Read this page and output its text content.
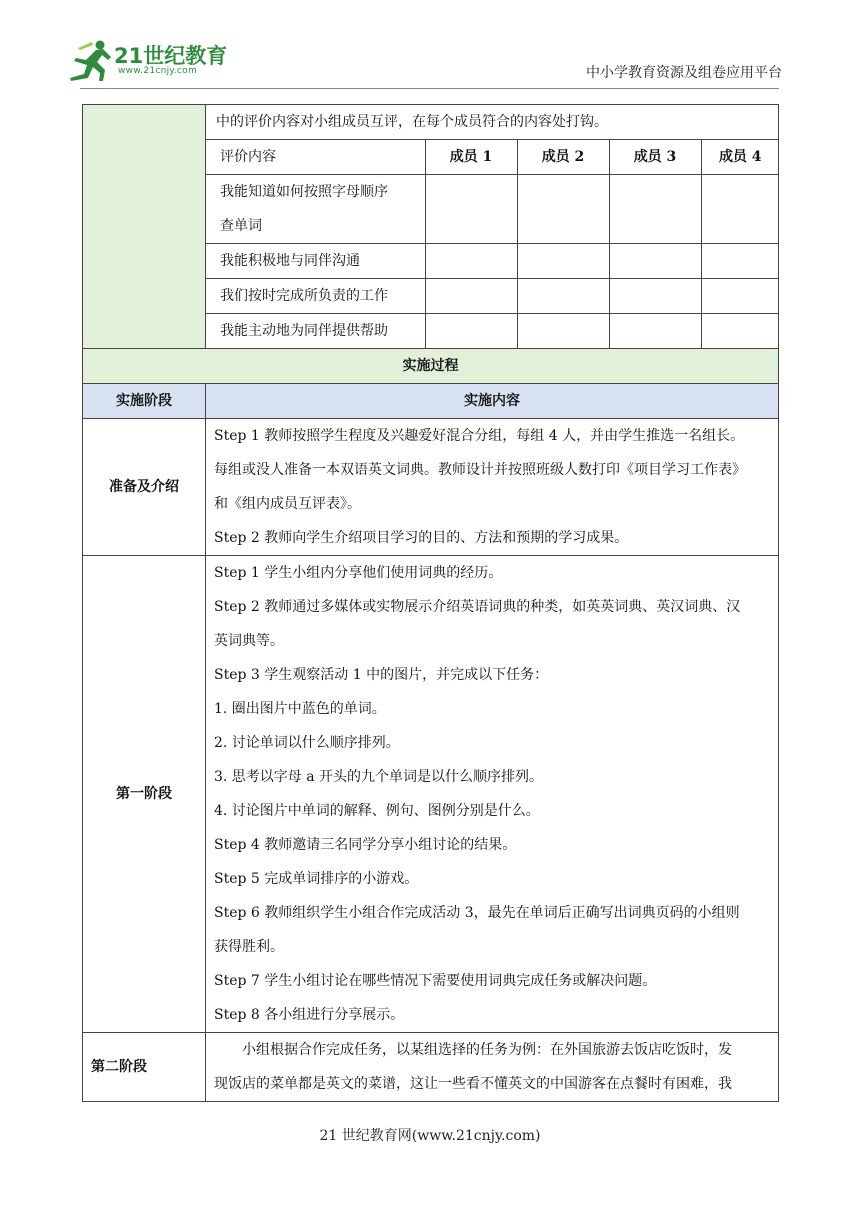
21世纪教育
www.21cnjy.com	中小学教育资源及组卷应用平台

中的评价内容对小组成员互评，在每个成员符合的内容处打钩。
评价内容	成员 1	成员 2	成员 3	成员 4

我能知道如何按照字母顺序
查单词

我能积极地与同伴沟通				
我们按时完成所负责的工作				
我能主动地为同伴提供帮助				

实施过程
实施阶段	实施内容
准备及介绍	

Step 1 教师按照学生程度及兴趣爱好混合分组，每组 4 人，并由学生推选一名组长。

每组或没人准备一本双语英文词典。教师设计并按照班级人数打印《项目学习工作表》

和《组内成员互评表》。

Step 2 教师向学生介绍项目学习的目的、方法和预期的学习成果。

第一阶段	

Step 1 学生小组内分享他们使用词典的经历。

Step 2 教师通过多媒体或实物展示介绍英语词典的种类，如英英词典、英汉词典、汉

英词典等。

Step 3 学生观察活动 1 中的图片，并完成以下任务：

1. 圈出图片中蓝色的单词。

2. 讨论单词以什么顺序排列。

3. 思考以字母 a 开头的九个单词是以什么顺序排列。

4. 讨论图片中单词的解释、例句、图例分别是什么。

Step 4 教师邀请三名同学分享小组讨论的结果。

Step 5 完成单词排序的小游戏。

Step 6 教师组织学生小组合作完成活动 3，最先在单词后正确写出词典页码的小组则

获得胜利。

Step 7 学生小组讨论在哪些情况下需要使用词典完成任务或解决问题。

Step 8 各小组进行分享展示。

第二阶段	

小组根据合作完成任务，以某组选择的任务为例：在外国旅游去饭店吃饭时，发

现饭店的菜单都是英文的菜谱，这让一些看不懂英文的中国游客在点餐时有困难，我

21 世纪教育网(www.21cnjy.com)
